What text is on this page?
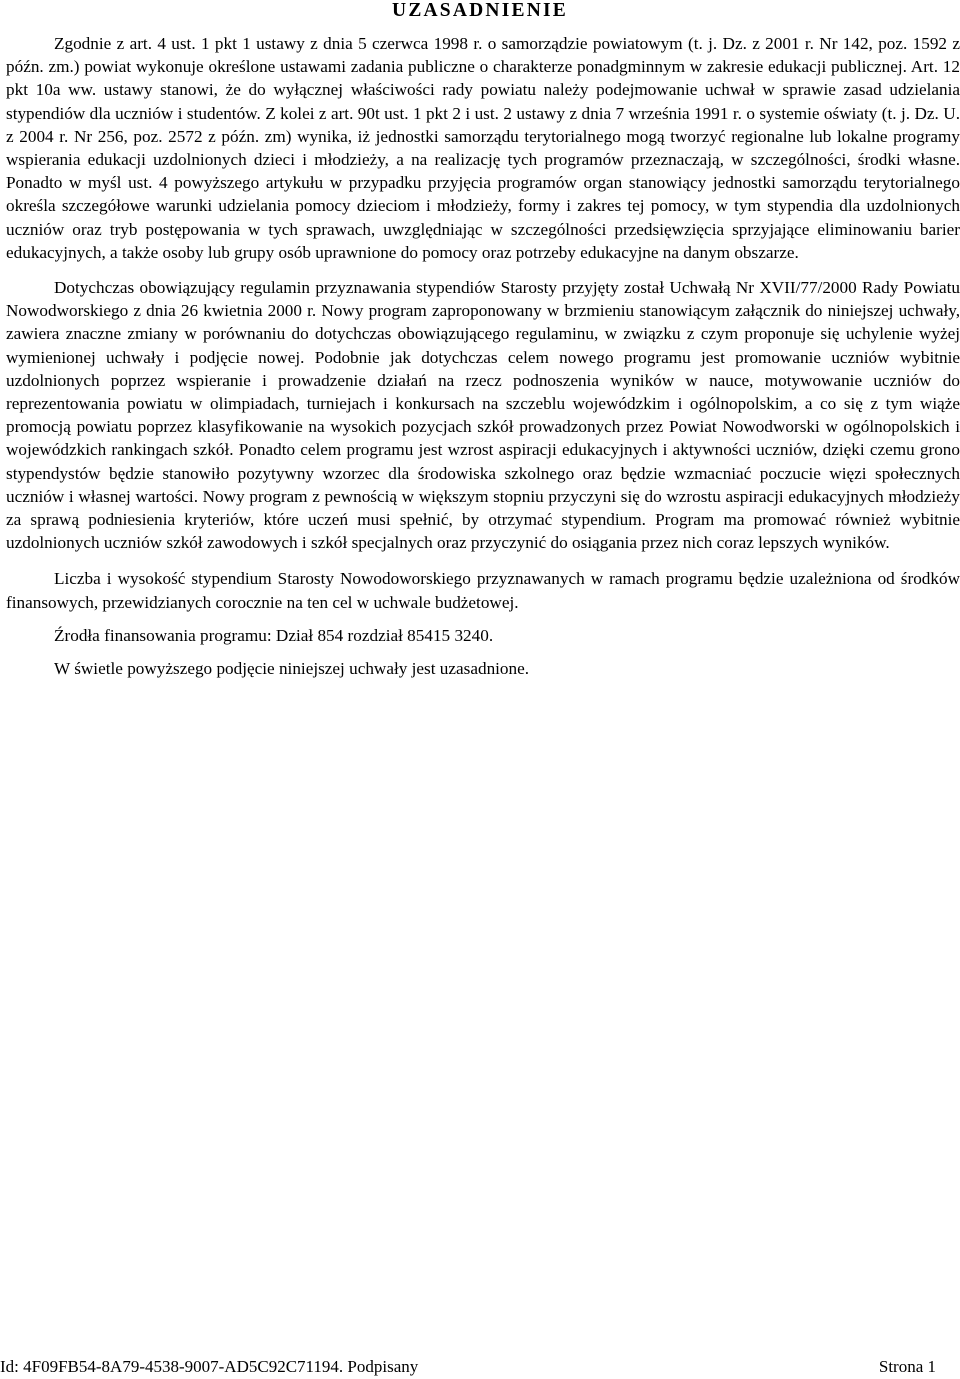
UZASADNIENIE

Zgodnie z art. 4 ust. 1 pkt 1 ustawy z dnia 5 czerwca 1998 r. o samorządzie powiatowym (t. j. Dz. z 2001 r. Nr 142, poz. 1592 z późn. zm.) powiat wykonuje określone ustawami zadania publiczne o charakterze ponadgminnym w zakresie edukacji publicznej. Art. 12 pkt 10a ww. ustawy stanowi, że do wyłącznej właściwości rady powiatu należy podejmowanie uchwał w sprawie zasad udzielania stypendiów dla uczniów i studentów. Z kolei z art. 90t ust. 1 pkt 2 i ust. 2 ustawy z dnia 7 września 1991 r. o systemie oświaty (t. j. Dz. U. z 2004 r. Nr 256, poz. 2572 z późn. zm) wynika, iż jednostki samorządu terytorialnego mogą tworzyć regionalne lub lokalne programy wspierania edukacji uzdolnionych dzieci i młodzieży, a na realizację tych programów przeznaczają, w szczególności, środki własne. Ponadto w myśl ust. 4 powyższego artykułu w przypadku przyjęcia programów organ stanowiący jednostki samorządu terytorialnego określa szczegółowe warunki udzielania pomocy dzieciom i młodzieży, formy i zakres tej pomocy, w tym stypendia dla uzdolnionych uczniów oraz tryb postępowania w tych sprawach, uwzględniając w szczególności przedsięwzięcia sprzyjające eliminowaniu barier edukacyjnych, a także osoby lub grupy osób uprawnione do pomocy oraz potrzeby edukacyjne na danym obszarze.

Dotychczas obowiązujący regulamin przyznawania stypendiów Starosty przyjęty został Uchwałą Nr XVII/77/2000 Rady Powiatu Nowodworskiego z dnia 26 kwietnia 2000 r. Nowy program zaproponowany w brzmieniu stanowiącym załącznik do niniejszej uchwały, zawiera znaczne zmiany w porównaniu do dotychczas obowiązującego regulaminu, w związku z czym proponuje się uchylenie wyżej wymienionej uchwały i podjęcie nowej. Podobnie jak dotychczas celem nowego programu jest promowanie uczniów wybitnie uzdolnionych poprzez wspieranie i prowadzenie działań na rzecz podnoszenia wyników w nauce, motywowanie uczniów do reprezentowania powiatu w olimpiadach, turniejach i konkursach na szczeblu wojewódzkim i ogólnopolskim, a co się z tym wiąże promocją powiatu poprzez klasyfikowanie na wysokich pozycjach szkół prowadzonych przez Powiat Nowodworski w ogólnopolskich i wojewódzkich rankingach szkół. Ponadto celem programu jest wzrost aspiracji edukacyjnych i aktywności uczniów, dzięki czemu grono stypendystów będzie stanowiło pozytywny wzorzec dla środowiska szkolnego oraz będzie wzmacniać poczucie więzi społecznych uczniów i własnej wartości. Nowy program z pewnością w większym stopniu przyczyni się do wzrostu aspiracji edukacyjnych młodzieży za sprawą podniesienia kryteriów, które uczeń musi spełnić, by otrzymać stypendium. Program ma promować również wybitnie uzdolnionych uczniów szkół zawodowych i szkół specjalnych oraz przyczynić do osiągania przez nich coraz lepszych wyników.

Liczba i wysokość stypendium Starosty Nowodoworskiego przyznawanych w ramach programu będzie uzależniona od środków finansowych, przewidzianych corocznie na ten cel w uchwale budżetowej.

Źrodła finansowania programu: Dział 854 rozdział 85415 3240.

W świetle powyższego podjęcie niniejszej uchwały jest uzasadnione.

Id: 4F09FB54-8A79-4538-9007-AD5C92C71194. Podpisany	Strona 1
